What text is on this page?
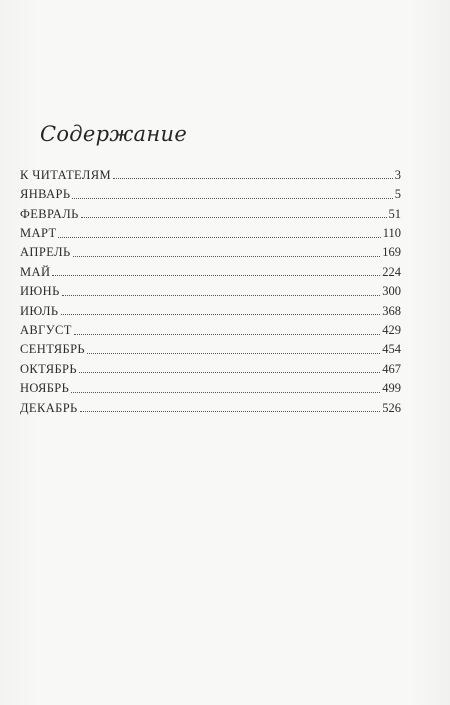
Содержание
К ЧИТАТЕЛЯМ	3
ЯНВАРЬ	5
ФЕВРАЛЬ	51
МАРТ	110
АПРЕЛЬ	169
МАЙ	224
ИЮНЬ	300
ИЮЛЬ	368
АВГУСТ	429
СЕНТЯБРЬ	454
ОКТЯБРЬ	467
НОЯБРЬ	499
ДЕКАБРЬ	526
